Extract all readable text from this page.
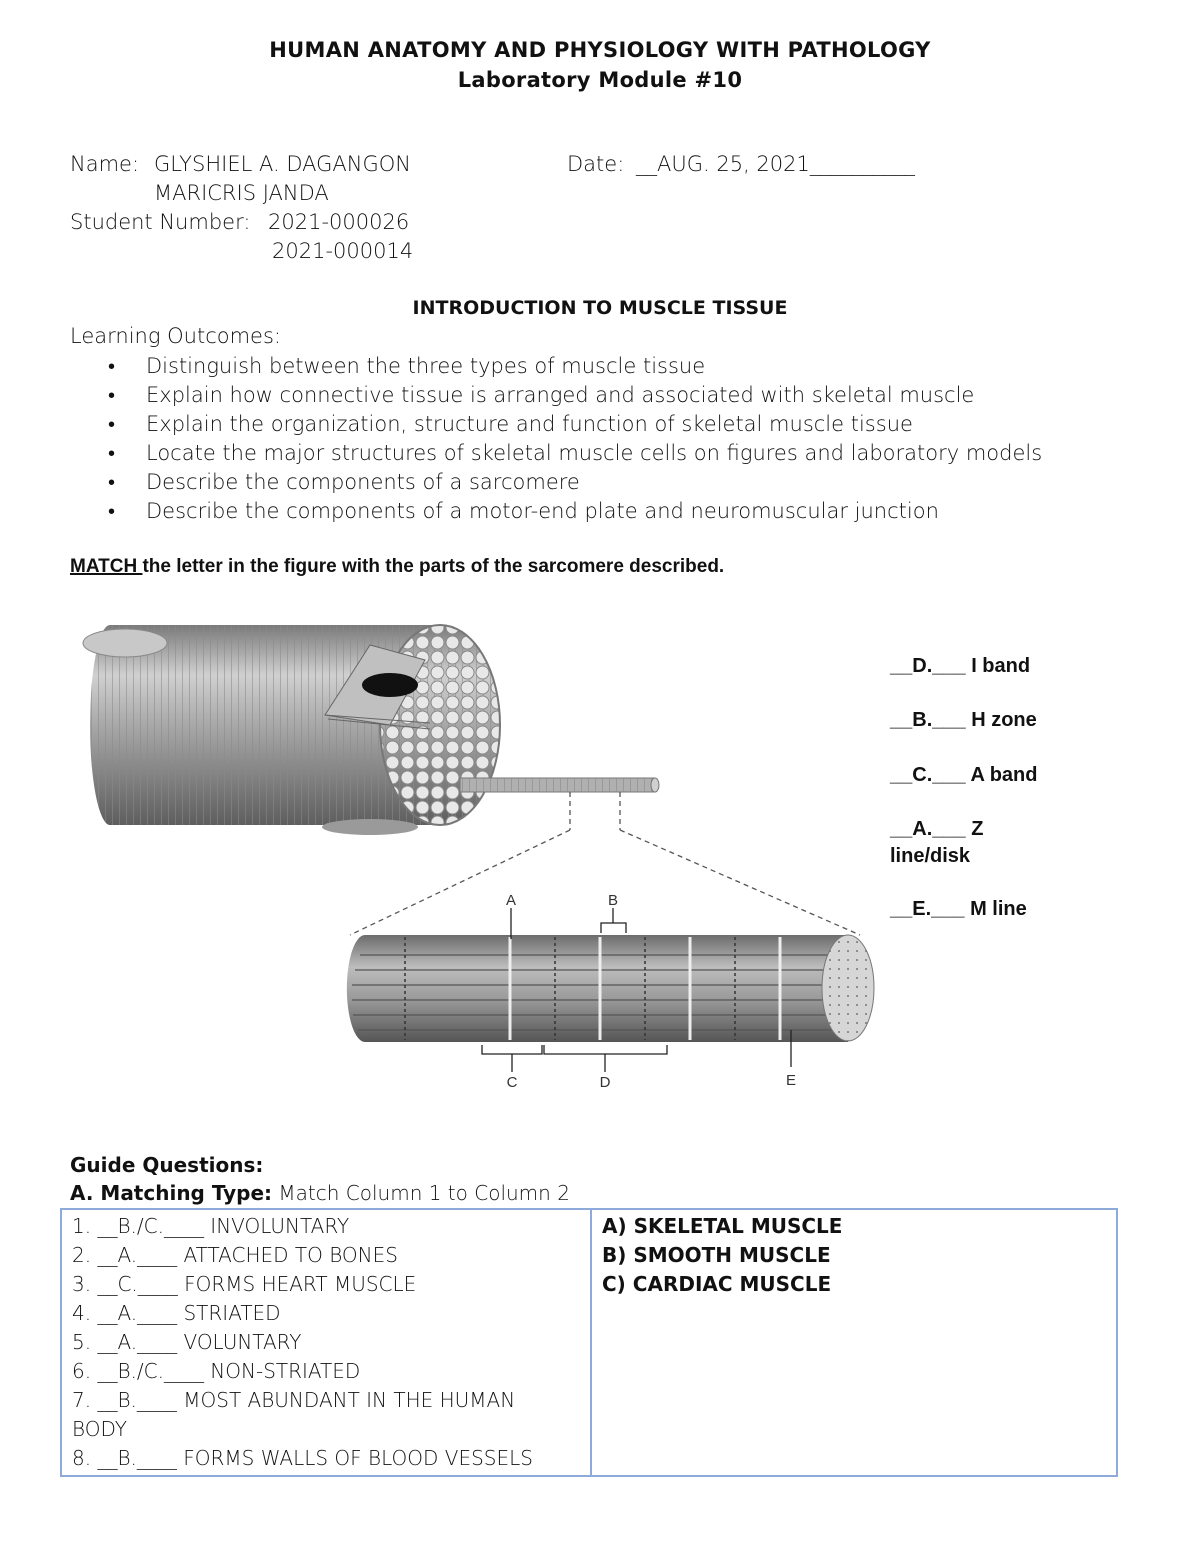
HUMAN ANATOMY AND PHYSIOLOGY WITH PATHOLOGY
Laboratory Module #10
Name: GLYSHIEL A. DAGANGON
MARICRIS JANDA
Date: __AUG. 25, 2021__________
Student Number: 2021-000026
2021-000014
INTRODUCTION TO MUSCLE TISSUE
Learning Outcomes:
• Distinguish between the three types of muscle tissue
• Explain how connective tissue is arranged and associated with skeletal muscle
• Explain the organization, structure and function of skeletal muscle tissue
• Locate the major structures of skeletal muscle cells on figures and laboratory models
• Describe the components of a sarcomere
• Describe the components of a motor-end plate and neuromuscular junction
MATCH the letter in the figure with the parts of the sarcomere described.
A	B
C	D	E
__D.___ I band
__B.___ H zone
__C.___ A band
__A.___ Z
line/disk
__E.___ M line
Guide Questions:
A. Matching Type: Match Column 1 to Column 2
1. __B./C.____ INVOLUNTARY
2. __A.____ ATTACHED TO BONES
3. __C.____ FORMS HEART MUSCLE
4. __A.____ STRIATED
5. __A.____ VOLUNTARY
6. __B./C.____ NON-STRIATED
7. __B.____ MOST ABUNDANT IN THE HUMAN
BODY
8. __B.____ FORMS WALLS OF BLOOD VESSELS

A) SKELETAL MUSCLE
B) SMOOTH MUSCLE
C) CARDIAC MUSCLE
